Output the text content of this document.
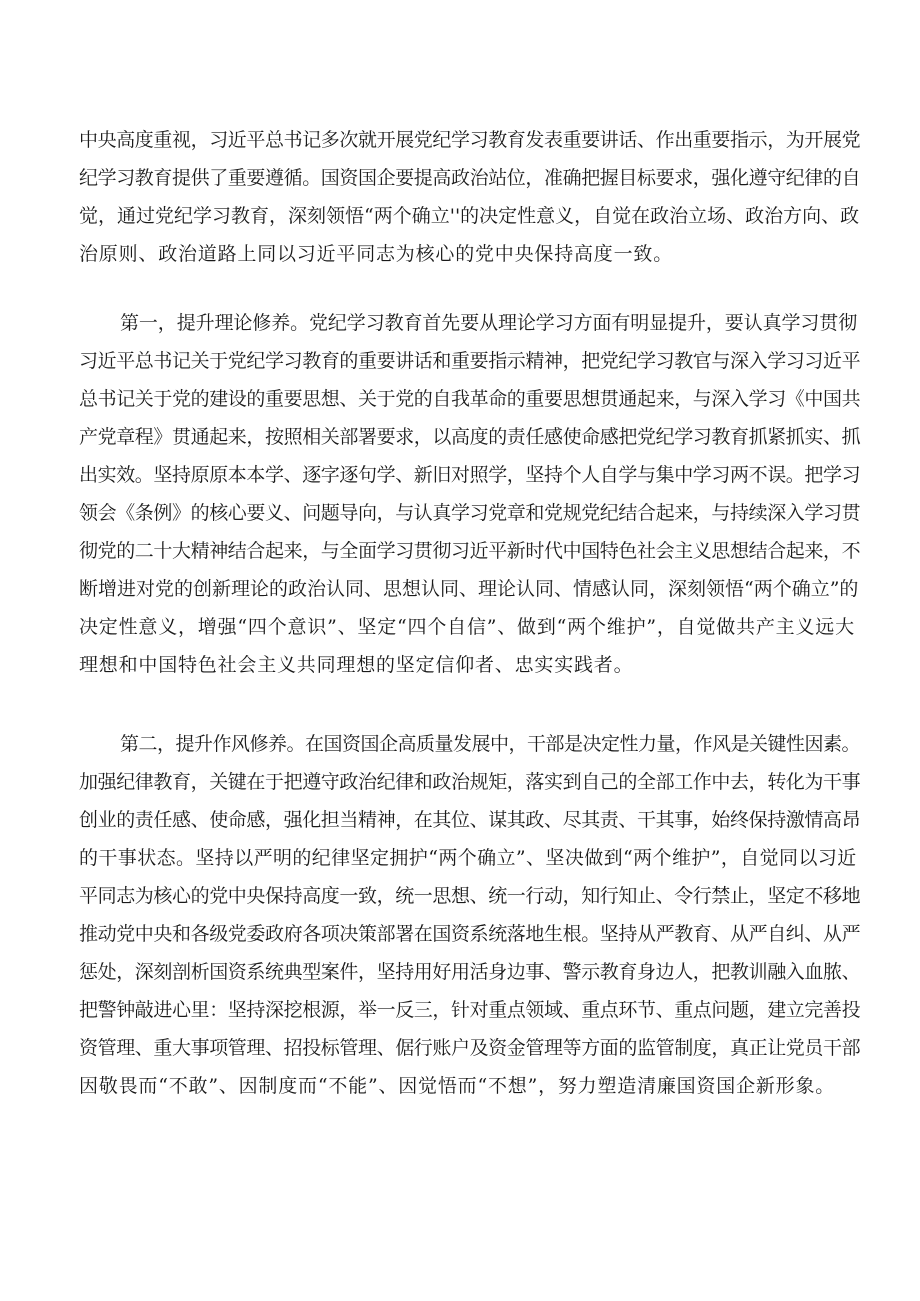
中央高度重视，习近平总书记多次就开展党纪学习教育发表重要讲话、作出重要指示，为开展党
纪学习教育提供了重要遵循。国资国企要提高政治站位，准确把握目标要求，强化遵守纪律的自
觉，通过党纪学习教育，深刻领悟“两个确立''的决定性意义，自觉在政治立场、政治方向、政
治原则、政治道路上同以习近平同志为核心的党中央保持高度一致。
第一，提升理论修养。党纪学习教育首先要从理论学习方面有明显提升，要认真学习贯彻
习近平总书记关于党纪学习教育的重要讲话和重要指示精神，把党纪学习教官与深入学习习近平
总书记关于党的建设的重要思想、关于党的自我革命的重要思想贯通起来，与深入学习《中国共
产党章程》贯通起来，按照相关部署要求，以高度的责任感使命感把党纪学习教育抓紧抓实、抓
出实效。坚持原原本本学、逐字逐句学、新旧对照学，坚持个人自学与集中学习两不误。把学习
领会《条例》的核心要义、问题导向，与认真学习党章和党规党纪结合起来，与持续深入学习贯
彻党的二十大精神结合起来，与全面学习贯彻习近平新时代中国特色社会主义思想结合起来，不
断增进对党的创新理论的政治认同、思想认同、理论认同、情感认同，深刻领悟“两个确立”的
决定性意义，增强“四个意识”、坚定“四个自信”、做到“两个维护”，自觉做共产主义远大
理想和中国特色社会主义共同理想的坚定信仰者、忠实实践者。
第二，提升作风修养。在国资国企高质量发展中，干部是决定性力量，作风是关键性因素。
加强纪律教育，关键在于把遵守政治纪律和政治规矩，落实到自己的全部工作中去，转化为干事
创业的责任感、使命感，强化担当精神，在其位、谋其政、尽其责、干其事，始终保持激情高昂
的干事状态。坚持以严明的纪律坚定拥护“两个确立”、坚决做到“两个维护”，自觉同以习近
平同志为核心的党中央保持高度一致，统一思想、统一行动，知行知止、令行禁止，坚定不移地
推动党中央和各级党委政府各项决策部署在国资系统落地生根。坚持从严教育、从严自纠、从严
惩处，深刻剖析国资系统典型案件，坚持用好用活身边事、警示教育身边人，把教训融入血脓、
把警钟敲进心里：坚持深挖根源，举一反三，针对重点领域、重点环节、重点问题，建立完善投
资管理、重大事项管理、招投标管理、倨行账户及资金管理等方面的监管制度，真正让党员干部
因敬畏而“不敢”、因制度而“不能”、因觉悟而“不想”，努力塑造清廉国资国企新形象。
